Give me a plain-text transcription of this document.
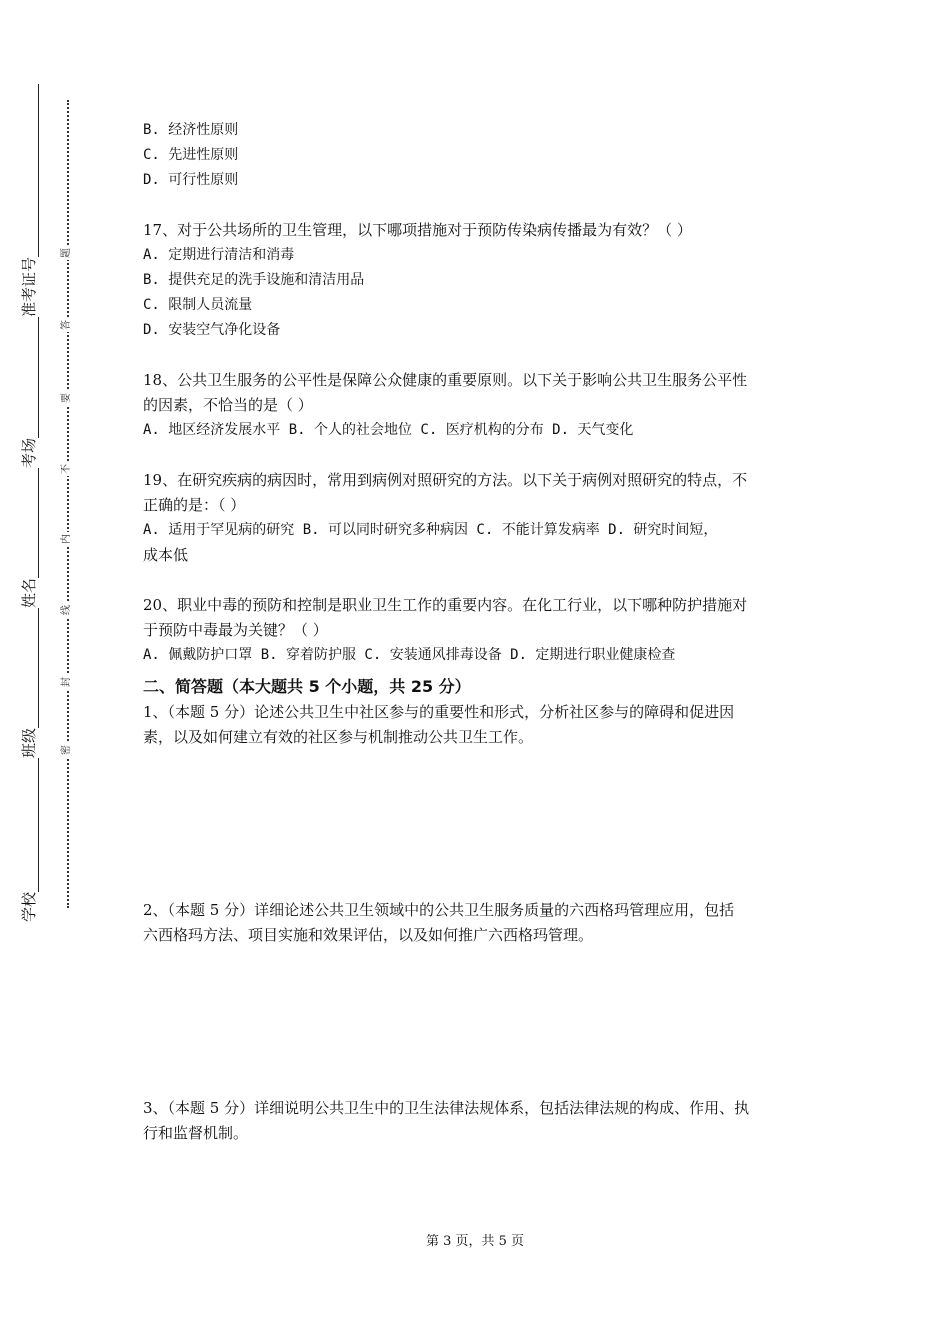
学校
班级
姓名
考场
准考证号
密
封
线
内
不
要
答
题
B. 经济性原则
C. 先进性原则
D. 可行性原则
17、对于公共场所的卫生管理，以下哪项措施对于预防传染病传播最为有效？（ ）
A. 定期进行清洁和消毒
B. 提供充足的洗手设施和清洁用品
C. 限制人员流量
D. 安装空气净化设备
18、公共卫生服务的公平性是保障公众健康的重要原则。以下关于影响公共卫生服务公平性
的因素，不恰当的是（ ）
A. 地区经济发展水平 B. 个人的社会地位 C. 医疗机构的分布 D. 天气变化
19、在研究疾病的病因时，常用到病例对照研究的方法。以下关于病例对照研究的特点，不
正确的是：（ ）
A. 适用于罕见病的研究 B. 可以同时研究多种病因 C. 不能计算发病率 D. 研究时间短，
成本低
20、职业中毒的预防和控制是职业卫生工作的重要内容。在化工行业，以下哪种防护措施对
于预防中毒最为关键？（ ）
A. 佩戴防护口罩 B. 穿着防护服 C. 安装通风排毒设备 D. 定期进行职业健康检查
二、简答题（本大题共 5 个小题，共 25 分）
1、（本题 5 分）论述公共卫生中社区参与的重要性和形式，分析社区参与的障碍和促进因
素，以及如何建立有效的社区参与机制推动公共卫生工作。
2、（本题 5 分）详细论述公共卫生领域中的公共卫生服务质量的六西格玛管理应用，包括
六西格玛方法、项目实施和效果评估，以及如何推广六西格玛管理。
3、（本题 5 分）详细说明公共卫生中的卫生法律法规体系，包括法律法规的构成、作用、执
行和监督机制。
第 3 页，共 5 页
